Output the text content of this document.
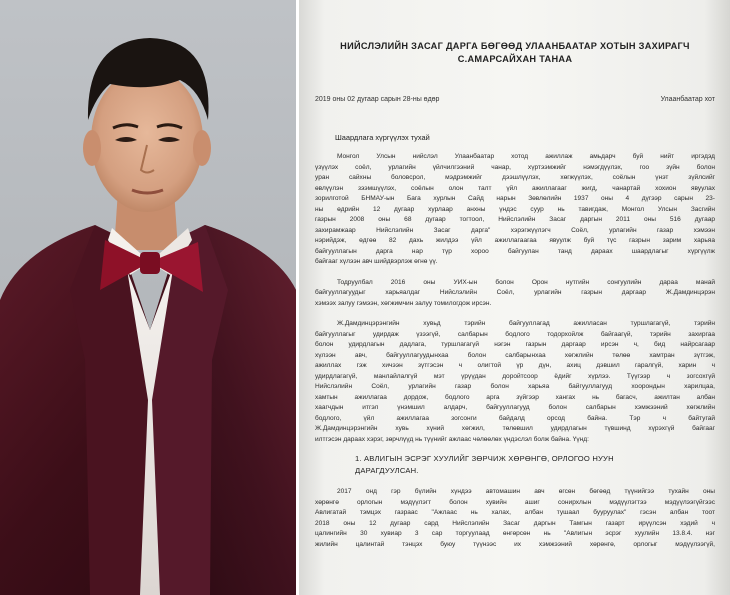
НИЙСЛЭЛИЙН ЗАСАГ ДАРГА БӨГӨӨД УЛААНБААТАР ХОТЫН ЗАХИРАГЧ
С.АМАРСАЙХАН ТАНАА
2019 оны 02 дугаар сарын 28-ны өдөр	Улаанбаатар хот
Шаардлага хүргүүлэх тухай
Монгол Улсын нийслэл Улаанбаатар хотод ажиллаж амьдарч буй нийт иргэдэд
үзүүлэх соёл, урлагийн үйлчилгээний чанар, хүртээмжийг нэмэгдүүлэх, гоо зүйн болон
уран сайхны боловсрол, мэдрэмжийг дээшлүүлэх, хөгжүүлэх, соёлын үнэт зүйлсийг
өвлүүлэн зээмшүүлэх, соёлын олон талт үйл ажиллагааг жигд, чанартай хохион явуулах
зорилготой БНМАУ-ын Бага хурлын Сайд нарын Зөвлөлийн 1937 оны 4 дүгээр сарын 23-
ны өдрийн 12 дугаар хурлаар анхны үндэс суур нь тавигдаж, Монгол Улсын Засгийн
газрын 2008 оны 68 дугаар тогтоол, Нийслэлийн Засаг даргын 2011 оны 516 дугаар
захирамжаар Нийслэлийн Засаг дарга" хэрэгжүүлэгч Соёл, урлагийн газар хэмээн
нэрийдэж, өдгөө 82 дахь жилдээ үйл ажиллагаагаа явуулж буй түс газрын зарим харьяа
байгууллагын дарга нар түр хороо байгуулан танд дараах шаардлагыг хүргүүлж
байгааг хүлээн авч шийдвэрлэж өгнө үү.
Тодруулбал 2016 оны УИХ-ын болон Орон нутгийн сонгуулийн дараа манай
байгууллагуудыг харьяалдаг Нийслэлийн Соёл, урлагийн газрын даргаар Ж.Дамдинцэрэн
хэмээх залуу гэмээн, хөгжимчин залуу томилогдож ирсэн.
Ж.Дамдинцэрэнгийн хувьд тэрийн байгууллагад ажилласан туршлагагүй, тэрийн
байгууллагыг удирдаж үзээгүй, салбарын бодлого тодорхойлж байгаагүй, тэрийн захиргаа
болон удирдлагын дадлага, туршлагагүй нэгэн газрын даргаар ирсэн ч, бид найрсагаар
хүлээн авч, байгууллагуудынхаа болон салбарынхаа хөгжлийн төлөө хамтран зүтгэж,
ажиллах гэж хичээн зүтгэсэн ч олигтой үр дүн, ахиц дэвшил гаралгүй, харин ч
удирдлагагүй, манлайлалгүй мэт үрүүдан доройтсоор ёдийг хүрлээ. Түүгээр ч зогсохгүй
Нийслэлийн Соёл, урлагийн газар болон харьяа байгууллагууд хоорондын харилцаа,
хамтын ажиллагаа дордож, бодлого арга зүйгээр хангах нь багасч, ажилтан албан
хаагчдын итгэл үнэмшил алдарч, байгууллагууд болон салбарын хэмжээний хөгжлийн
бодлого, үйл ажиллагаа зогсонги байдалд орсод байна. Тэр ч байтугай
Ж.Дамдинцэрэнгийн хувь хүний хөгжил, төлөвшил удирдлагын түвшинд хүрэхгүй байгааг
илтгэсэн дараах хэрэг, зөрчлүүд нь түүнийг ажлаас чөлөөлөх үндэслэл болж байна. Үүнд:
1. АВЛИГЫН ЭСРЭГ ХУУЛИЙГ ЗӨРЧИЖ ХӨРӨНГӨ, ОРЛОГОО НУУН
ДАРАГДУУЛСАН.
2017 онд гэр бүлийн хүндээ автомашин авч өгсөн бөгөөд түүнийгээ тухайн оны
хөрөнгө орлогын мэдүүлэгт болон хувийн ашиг сонирхлын мэдүүлэгтээ мэдүүлээгүйгээс
Авлигатай тэмцэх газраас "Ажлаас нь халах, албан тушаал бууруулах" гэсэн албан тоот
2018 оны 12 дугаар сард Нийслэлийн Засаг даргын Тамгын газарт ирүүлсэн хэдий ч
цалингийн 30 хувиар 3 сар торгуулаад өнгөрсөн нь "Авлигын эсрэг хуулийн 13.8.4. нэг
жилийн цалинтай тэнцэх буюу түүнээс их хэмжээний хөрөнгө, орлогыг мэдүүлээгүй,
